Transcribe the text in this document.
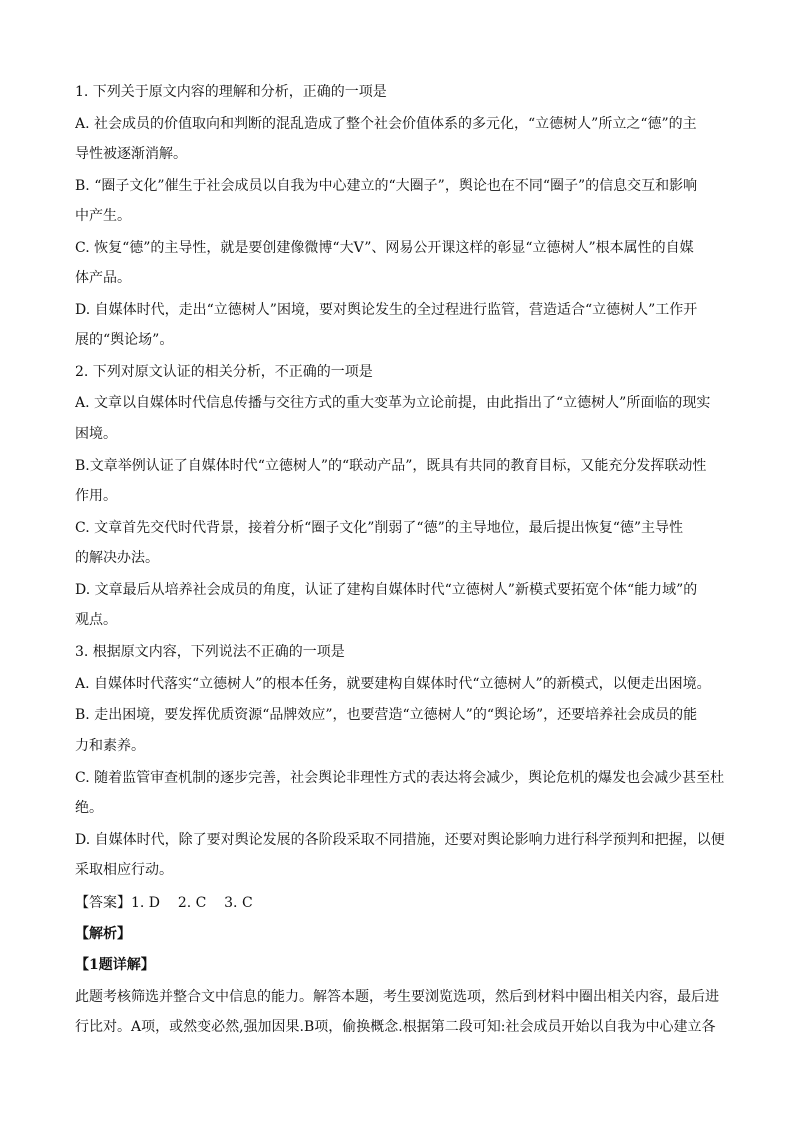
1. 下列关于原文内容的理解和分析，正确的一项是
A. 社会成员的价值取向和判断的混乱造成了整个社会价值体系的多元化，“立德树人”所立之“德”的主
导性被逐渐消解。
B. “圈子文化”催生于社会成员以自我为中心建立的“大圈子”，舆论也在不同“圈子”的信息交互和影响
中产生。
C. 恢复“德”的主导性，就是要创建像微博“大V”、网易公开课这样的彰显“立德树人”根本属性的自媒
体产品。
D. 自媒体时代，走出“立德树人”困境，要对舆论发生的全过程进行监管，营造适合“立德树人”工作开
展的“舆论场”。
2. 下列对原文认证的相关分析，不正确的一项是
A. 文章以自媒体时代信息传播与交往方式的重大变革为立论前提，由此指出了“立德树人”所面临的现实
困境。
B.文章举例认证了自媒体时代“立德树人”的“联动产品”，既具有共同的教育目标，又能充分发挥联动性
作用。
C. 文章首先交代时代背景，接着分析“圈子文化”削弱了“德”的主导地位，最后提出恢复“德”主导性
的解决办法。
D. 文章最后从培养社会成员的角度，认证了建构自媒体时代“立德树人”新模式要拓宽个体“能力域”的
观点。
3. 根据原文内容，下列说法不正确的一项是
A. 自媒体时代落实“立德树人”的根本任务，就要建构自媒体时代“立德树人”的新模式，以便走出困境。
B. 走出困境，要发挥优质资源“品牌效应”，也要营造“立德树人”的“舆论场”，还要培养社会成员的能
力和素养。
C. 随着监管审查机制的逐步完善，社会舆论非理性方式的表达将会减少，舆论危机的爆发也会减少甚至杜
绝。
D. 自媒体时代，除了要对舆论发展的各阶段采取不同措施，还要对舆论影响力进行科学预判和把握，以便
采取相应行动。
【答案】1. D    2. C    3. C
【解析】
【1题详解】
此题考核筛选并整合文中信息的能力。解答本题，考生要浏览选项，然后到材料中圈出相关内容，最后进
行比对。A项，或然变必然,强加因果.B项，偷换概念.根据第二段可知:社会成员开始以自我为中心建立各
